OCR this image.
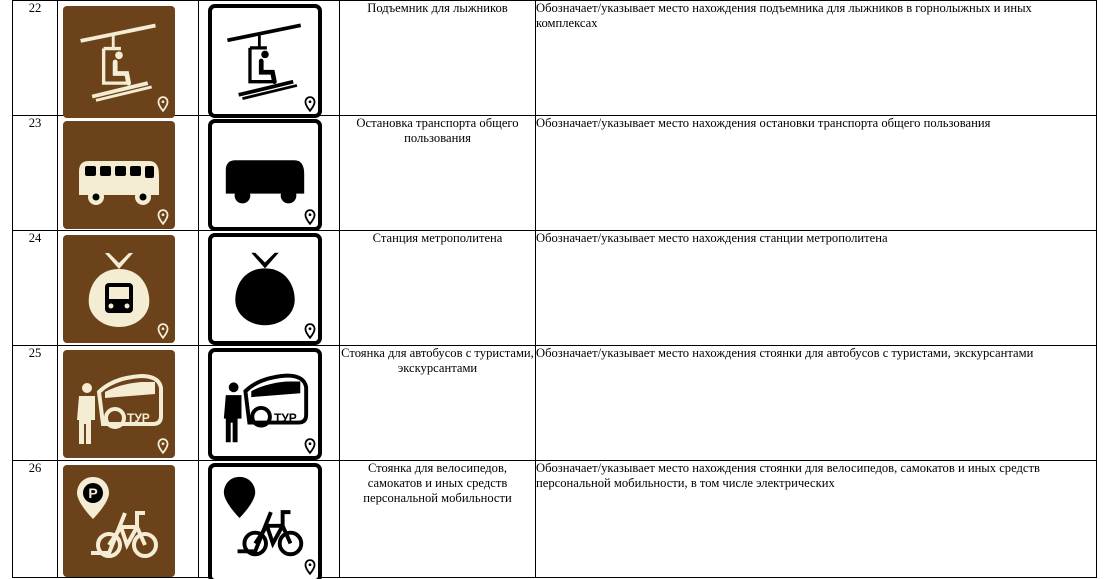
22			Подъемник для лыжников	Обозначает/указывает место нахождения подъемника для лыжников в горнолыжных и иных комплексах
23			Остановка транспорта общего пользования	Обозначает/указывает место нахождения остановки транспорта общего пользования
24			Станция метрополитена	Обозначает/указывает место нахождения станции метрополитена
25	ТУР	ТУР	Стоянка для автобусов с туристами, экскурсантами	Обозначает/указывает место нахождения стоянки для автобусов с туристами, экскурсантами
26	P	P	Стоянка для велосипедов, самокатов и иных средств персональной мобильности	Обозначает/указывает место нахождения стоянки для велосипедов, самокатов и иных средств персональной мобильности, в том числе электрических
